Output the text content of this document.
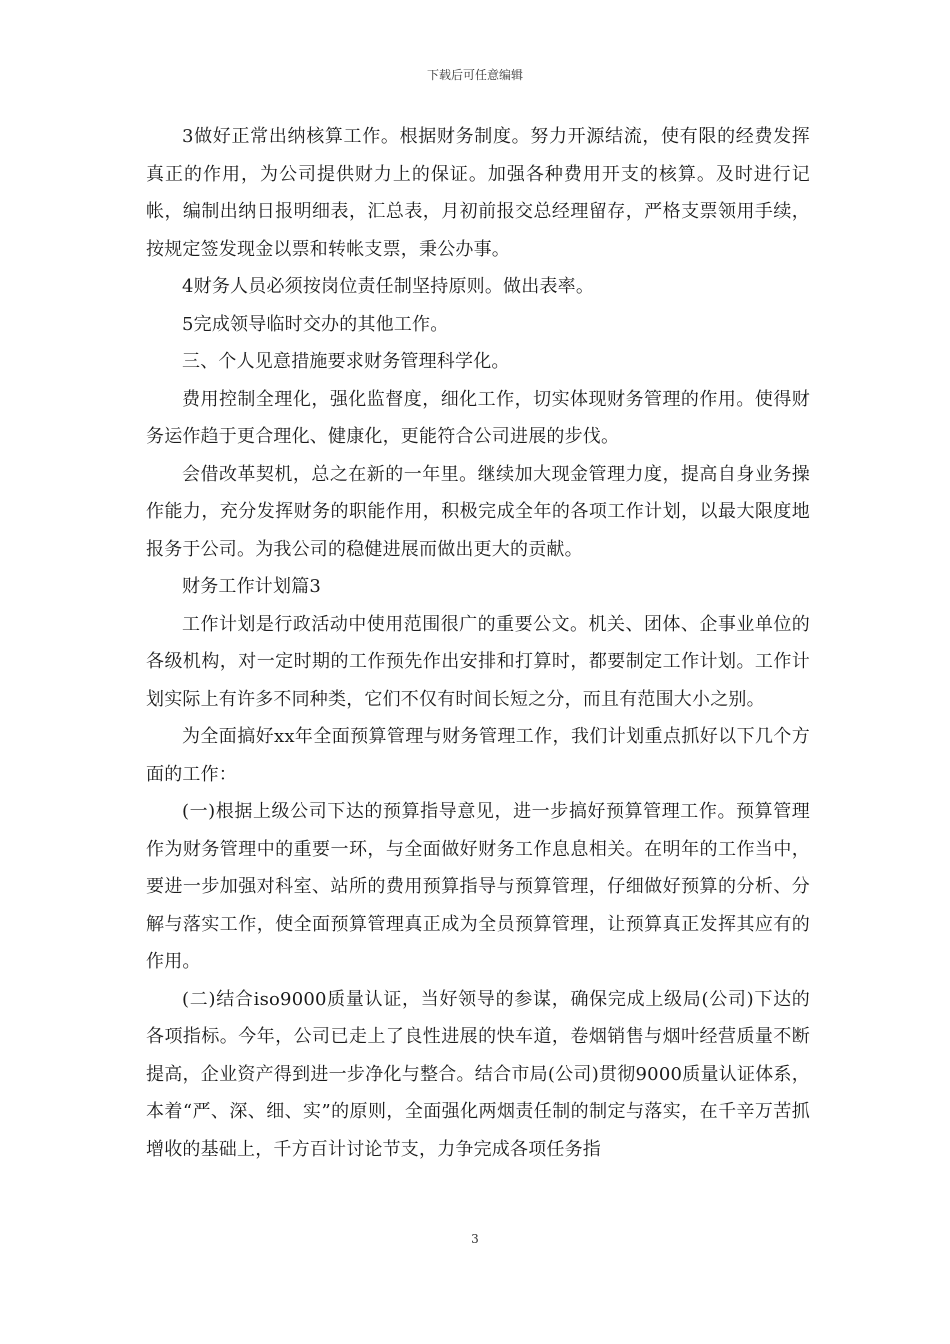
下载后可任意编辑

3做好正常出纳核算工作。根据财务制度。努力开源结流，使有限的经费发挥真正的作用，为公司提供财力上的保证。加强各种费用开支的核算。及时进行记帐，编制出纳日报明细表，汇总表，月初前报交总经理留存，严格支票领用手续，按规定签发现金以票和转帐支票，秉公办事。

4财务人员必须按岗位责任制坚持原则。做出表率。

5完成领导临时交办的其他工作。

三、个人见意措施要求财务管理科学化。

费用控制全理化，强化监督度，细化工作，切实体现财务管理的作用。使得财务运作趋于更合理化、健康化，更能符合公司进展的步伐。

会借改革契机，总之在新的一年里。继续加大现金管理力度，提高自身业务操作能力，充分发挥财务的职能作用，积极完成全年的各项工作计划，以最大限度地报务于公司。为我公司的稳健进展而做出更大的贡献。

财务工作计划篇3

工作计划是行政活动中使用范围很广的重要公文。机关、团体、企事业单位的各级机构，对一定时期的工作预先作出安排和打算时，都要制定工作计划。工作计划实际上有许多不同种类，它们不仅有时间长短之分，而且有范围大小之别。

为全面搞好xx年全面预算管理与财务管理工作，我们计划重点抓好以下几个方面的工作：

(一)根据上级公司下达的预算指导意见，进一步搞好预算管理工作。预算管理作为财务管理中的重要一环，与全面做好财务工作息息相关。在明年的工作当中，要进一步加强对科室、站所的费用预算指导与预算管理，仔细做好预算的分析、分解与落实工作，使全面预算管理真正成为全员预算管理，让预算真正发挥其应有的作用。

(二)结合iso9000质量认证，当好领导的参谋，确保完成上级局(公司)下达的各项指标。今年，公司已走上了良性进展的快车道，卷烟销售与烟叶经营质量不断提高，企业资产得到进一步净化与整合。结合市局(公司)贯彻9000质量认证体系，本着“严、深、细、实”的原则，全面强化两烟责任制的制定与落实，在千辛万苦抓增收的基础上，千方百计讨论节支，力争完成各项任务指

3
